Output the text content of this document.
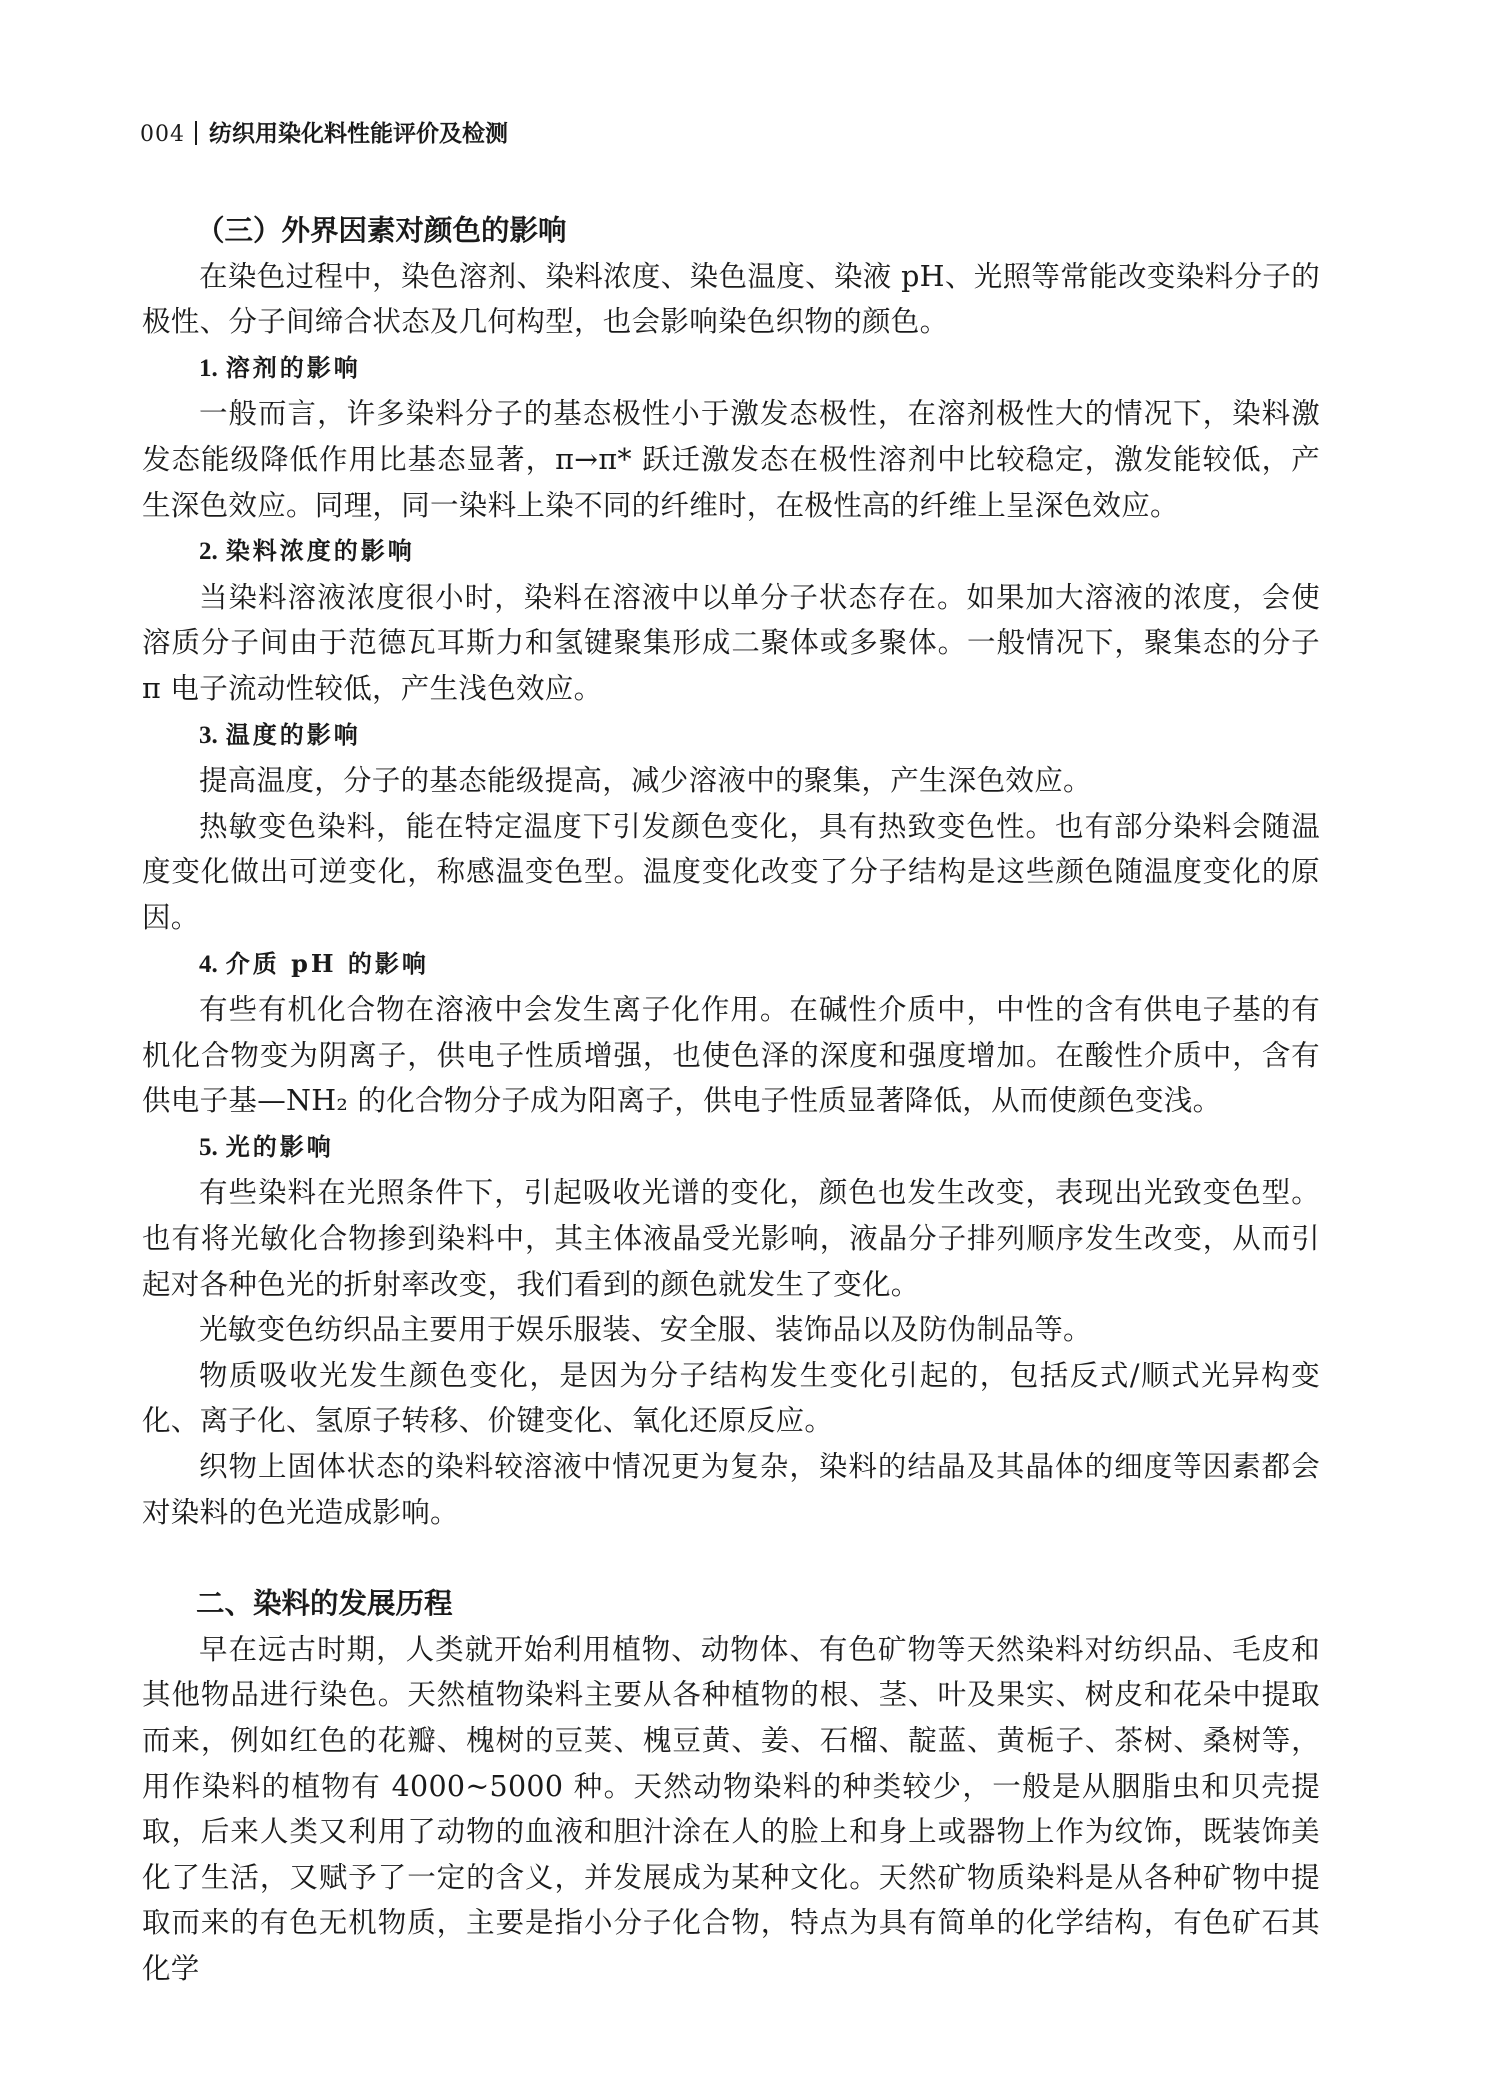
004 纺织用染化料性能评价及检测
（三）外界因素对颜色的影响

在染色过程中，染色溶剂、染料浓度、染色温度、染液 pH、光照等常能改变染料分子的极性、分子间缔合状态及几何构型，也会影响染色织物的颜色。

1. 溶剂的影响

一般而言，许多染料分子的基态极性小于激发态极性，在溶剂极性大的情况下，染料激发态能级降低作用比基态显著，π→π* 跃迁激发态在极性溶剂中比较稳定，激发能较低，产生深色效应。同理，同一染料上染不同的纤维时，在极性高的纤维上呈深色效应。

2. 染料浓度的影响

当染料溶液浓度很小时，染料在溶液中以单分子状态存在。如果加大溶液的浓度，会使溶质分子间由于范德瓦耳斯力和氢键聚集形成二聚体或多聚体。一般情况下，聚集态的分子 π 电子流动性较低，产生浅色效应。

3. 温度的影响

提高温度，分子的基态能级提高，减少溶液中的聚集，产生深色效应。

热敏变色染料，能在特定温度下引发颜色变化，具有热致变色性。也有部分染料会随温度变化做出可逆变化，称感温变色型。温度变化改变了分子结构是这些颜色随温度变化的原因。

4. 介质 pH 的影响

有些有机化合物在溶液中会发生离子化作用。在碱性介质中，中性的含有供电子基的有机化合物变为阴离子，供电子性质增强，也使色泽的深度和强度增加。在酸性介质中，含有供电子基—NH₂ 的化合物分子成为阳离子，供电子性质显著降低，从而使颜色变浅。

5. 光的影响

有些染料在光照条件下，引起吸收光谱的变化，颜色也发生改变，表现出光致变色型。也有将光敏化合物掺到染料中，其主体液晶受光影响，液晶分子排列顺序发生改变，从而引起对各种色光的折射率改变，我们看到的颜色就发生了变化。

光敏变色纺织品主要用于娱乐服装、安全服、装饰品以及防伪制品等。

物质吸收光发生颜色变化，是因为分子结构发生变化引起的，包括反式/顺式光异构变化、离子化、氢原子转移、价键变化、氧化还原反应。

织物上固体状态的染料较溶液中情况更为复杂，染料的结晶及其晶体的细度等因素都会对染料的色光造成影响。

二、染料的发展历程

早在远古时期，人类就开始利用植物、动物体、有色矿物等天然染料对纺织品、毛皮和其他物品进行染色。天然植物染料主要从各种植物的根、茎、叶及果实、树皮和花朵中提取而来，例如红色的花瓣、槐树的豆荚、槐豆黄、姜、石榴、靛蓝、黄栀子、茶树、桑树等，用作染料的植物有 4000~5000 种。天然动物染料的种类较少，一般是从胭脂虫和贝壳提取，后来人类又利用了动物的血液和胆汁涂在人的脸上和身上或器物上作为纹饰，既装饰美化了生活，又赋予了一定的含义，并发展成为某种文化。天然矿物质染料是从各种矿物中提取而来的有色无机物质，主要是指小分子化合物，特点为具有简单的化学结构，有色矿石其化学
